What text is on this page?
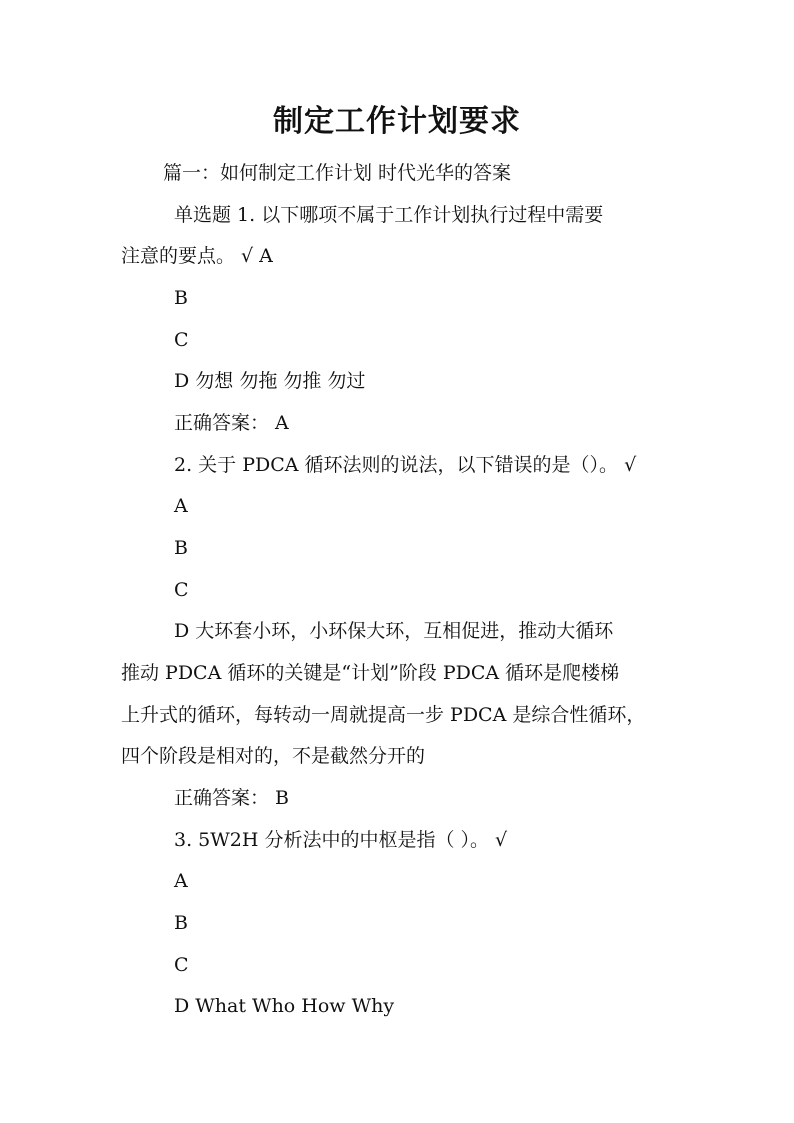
制定工作计划要求

篇一：如何制定工作计划 时代光华的答案

单选题 1. 以下哪项不属于工作计划执行过程中需要

注意的要点。 √ A

B

C

D 勿想 勿拖 勿推 勿过

正确答案： A

2. 关于 PDCA 循环法则的说法，以下错误的是（）。 √

A

B

C

D 大环套小环，小环保大环，互相促进，推动大循环

推动 PDCA 循环的关键是“计划”阶段 PDCA 循环是爬楼梯

上升式的循环，每转动一周就提高一步 PDCA 是综合性循环，

四个阶段是相对的，不是截然分开的

正确答案： B

3. 5W2H 分析法中的中枢是指（ ）。 √

A

B

C

D What Who How Why
